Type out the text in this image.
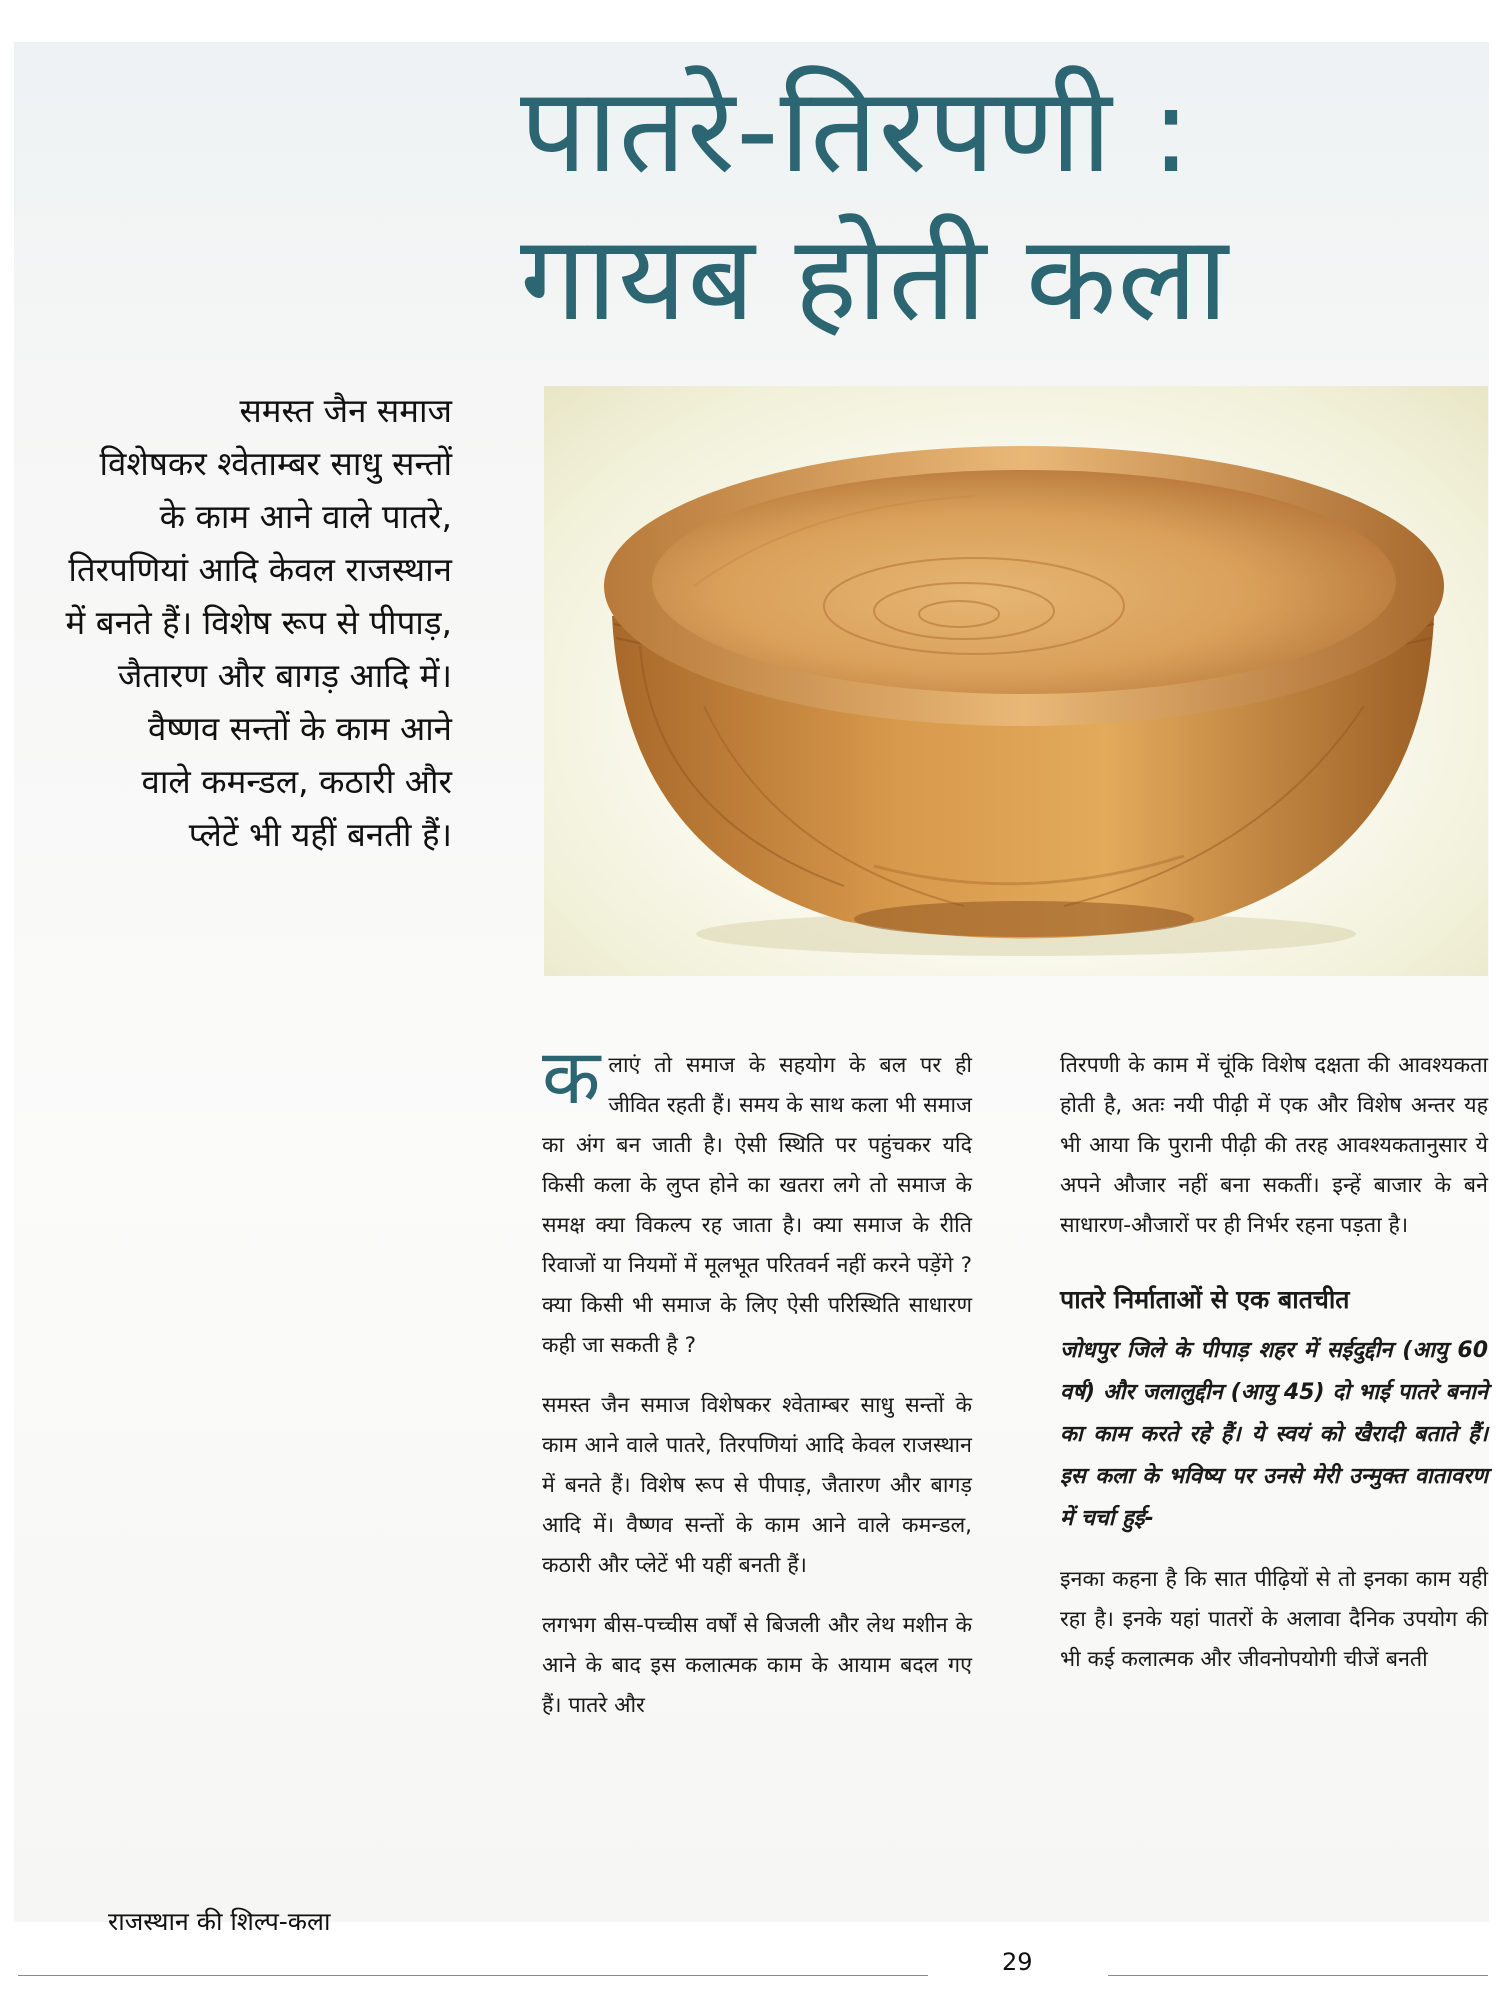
पातरे-तिरपणी :
गायब होती कला
समस्त जैन समाज
विशेषकर श्वेताम्बर साधु सन्तों
के काम आने वाले पातरे,
तिरपणियां आदि केवल राजस्थान
में बनते हैं। विशेष रूप से पीपाड़,
जैतारण और बागड़ आदि में।
वैष्णव सन्तों के काम आने
वाले कमन्डल, कठारी और
प्लेटें भी यहीं बनती हैं।

कलाएं तो समाज के सहयोग के बल पर ही जीवित रहती हैं। समय के साथ कला भी समाज का अंग बन जाती है। ऐसी स्थिति पर पहुंचकर यदि किसी कला के लुप्त होने का खतरा लगे तो समाज के समक्ष क्या विकल्प रह जाता है। क्या समाज के रीति रिवाजों या नियमों में मूलभूत परितवर्न नहीं करने पड़ेंगे ? क्या किसी भी समाज के लिए ऐसी परिस्थिति साधारण कही जा सकती है ?

समस्त जैन समाज विशेषकर श्वेताम्बर साधु सन्तों के काम आने वाले पातरे, तिरपणियां आदि केवल राजस्थान में बनते हैं। विशेष रूप से पीपाड़, जैतारण और बागड़ आदि में। वैष्णव सन्तों के काम आने वाले कमन्डल, कठारी और प्लेटें भी यहीं बनती हैं।

लगभग बीस-पच्चीस वर्षों से बिजली और लेथ मशीन के आने के बाद इस कलात्मक काम के आयाम बदल गए हैं। पातरे और

तिरपणी के काम में चूंकि विशेष दक्षता की आवश्यकता होती है, अतः नयी पीढ़ी में एक और विशेष अन्तर यह भी आया कि पुरानी पीढ़ी की तरह आवश्यकतानुसार ये अपने औजार नहीं बना सकतीं। इन्हें बाजार के बने साधारण-औजारों पर ही निर्भर रहना पड़ता है।

पातरे निर्माताओं से एक बातचीत

जोधपुर जिले के पीपाड़ शहर में सईदुद्दीन (आयु 60 वर्ष) और जलालुद्दीन (आयु 45) दो भाई पातरे बनाने का काम करते रहे हैं। ये स्वयं को खैरादी बताते हैं। इस कला के भविष्य पर उनसे मेरी उन्मुक्त वातावरण में चर्चा हुई-

इनका कहना है कि सात पीढ़ियों से तो इनका काम यही रहा है। इनके यहां पातरों के अलावा दैनिक उपयोग की भी कई कलात्मक और जीवनोपयोगी चीजें बनती

राजस्थान की शिल्प-कला
29
